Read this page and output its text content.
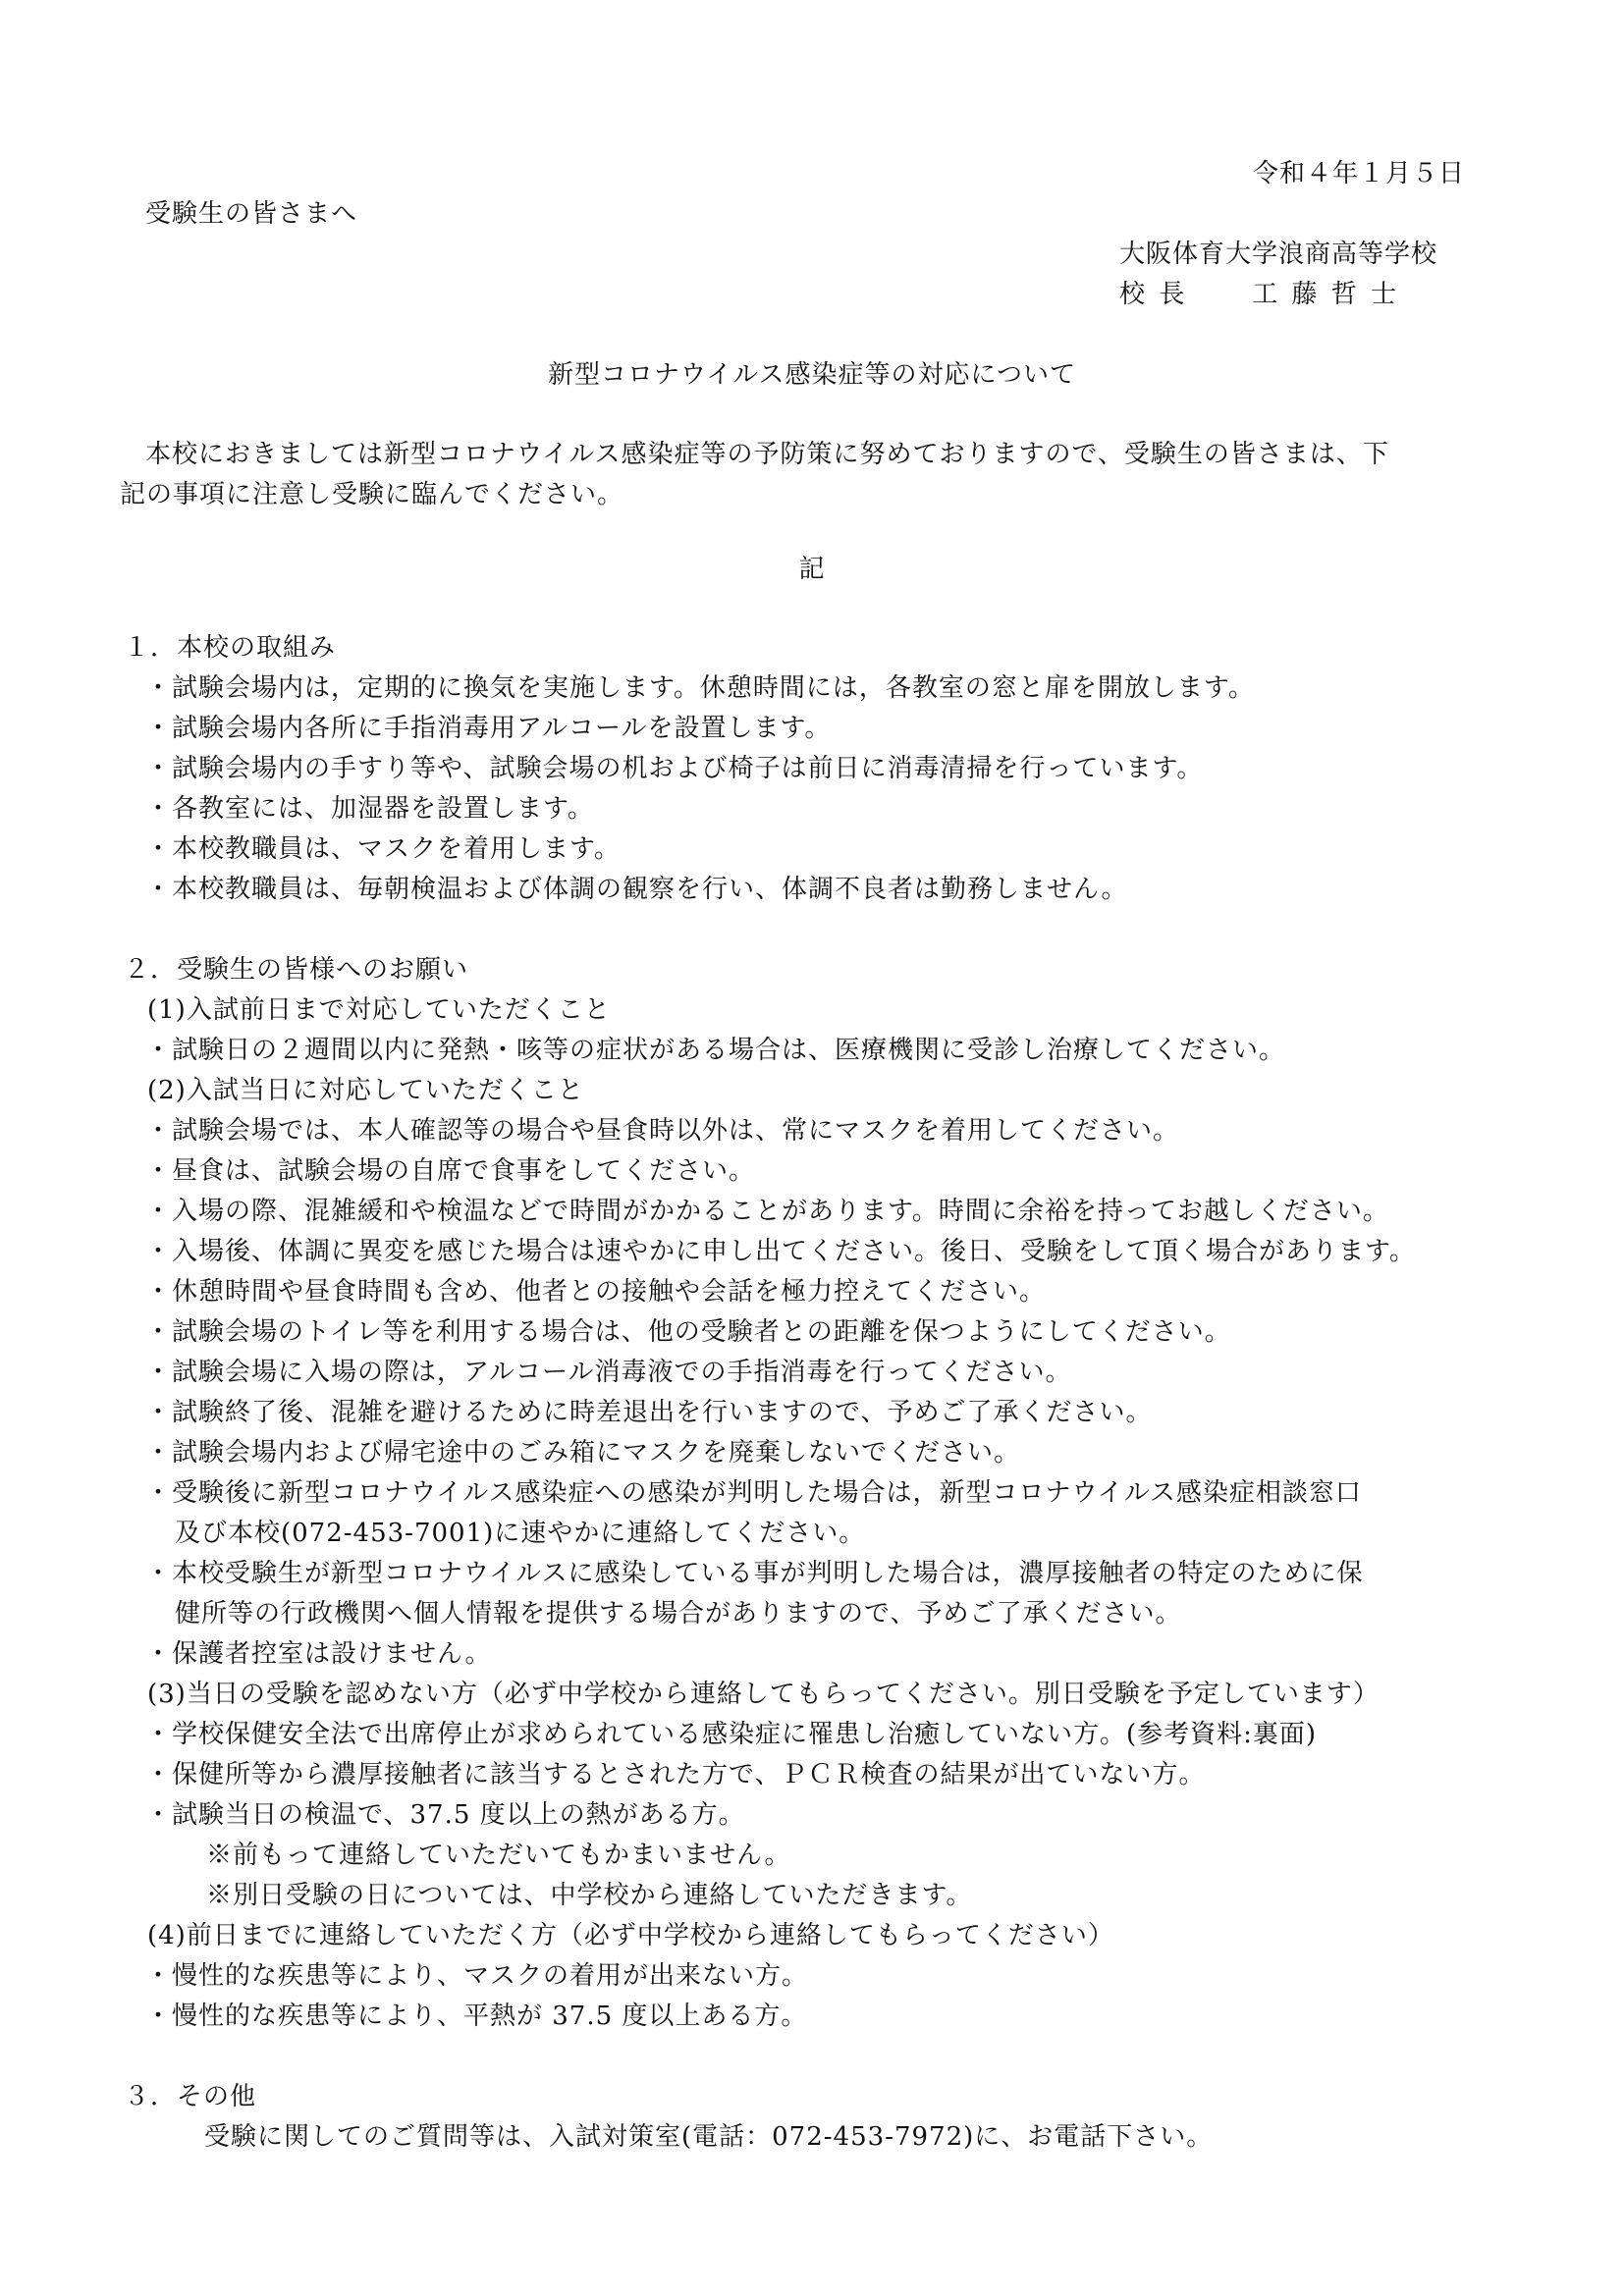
令和４年１月５日
受験生の皆さまへ
大阪体育大学浪商高等学校
校 長	工 藤 哲 士
新型コロナウイルス感染症等の対応について
本校におきましては新型コロナウイルス感染症等の予防策に努めておりますので、受験生の皆さまは、下
記の事項に注意し受験に臨んでください。
記
１．本校の取組み
・試験会場内は，定期的に換気を実施します。休憩時間には，各教室の窓と扉を開放します。
・試験会場内各所に手指消毒用アルコールを設置します。
・試験会場内の手すり等や、試験会場の机および椅子は前日に消毒清掃を行っています。
・各教室には、加湿器を設置します。
・本校教職員は、マスクを着用します。
・本校教職員は、毎朝検温および体調の観察を行い、体調不良者は勤務しません。
２．受験生の皆様へのお願い
(1)入試前日まで対応していただくこと
・試験日の２週間以内に発熱・咳等の症状がある場合は、医療機関に受診し治療してください。
(2)入試当日に対応していただくこと
・試験会場では、本人確認等の場合や昼食時以外は、常にマスクを着用してください。
・昼食は、試験会場の自席で食事をしてください。
・入場の際、混雑緩和や検温などで時間がかかることがあります。時間に余裕を持ってお越しください。
・入場後、体調に異変を感じた場合は速やかに申し出てください。後日、受験をして頂く場合があります。
・休憩時間や昼食時間も含め、他者との接触や会話を極力控えてください。
・試験会場のトイレ等を利用する場合は、他の受験者との距離を保つようにしてください。
・試験会場に入場の際は，アルコール消毒液での手指消毒を行ってください。
・試験終了後、混雑を避けるために時差退出を行いますので、予めご了承ください。
・試験会場内および帰宅途中のごみ箱にマスクを廃棄しないでください。
・受験後に新型コロナウイルス感染症への感染が判明した場合は，新型コロナウイルス感染症相談窓口
及び本校(072-453-7001)に速やかに連絡してください。
・本校受験生が新型コロナウイルスに感染している事が判明した場合は，濃厚接触者の特定のために保
健所等の行政機関へ個人情報を提供する場合がありますので、予めご了承ください。
・保護者控室は設けません。
(3)当日の受験を認めない方（必ず中学校から連絡してもらってください。別日受験を予定しています）
・学校保健安全法で出席停止が求められている感染症に罹患し治癒していない方。(参考資料:裏面)
・保健所等から濃厚接触者に該当するとされた方で、ＰＣＲ検査の結果が出ていない方。
・試験当日の検温で、37.5 度以上の熱がある方。
※前もって連絡していただいてもかまいません。
※別日受験の日については、中学校から連絡していただきます。
(4)前日までに連絡していただく方（必ず中学校から連絡してもらってください）
・慢性的な疾患等により、マスクの着用が出来ない方。
・慢性的な疾患等により、平熱が 37.5 度以上ある方。
３．その他
受験に関してのご質問等は、入試対策室(電話：072-453-7972)に、お電話下さい。
